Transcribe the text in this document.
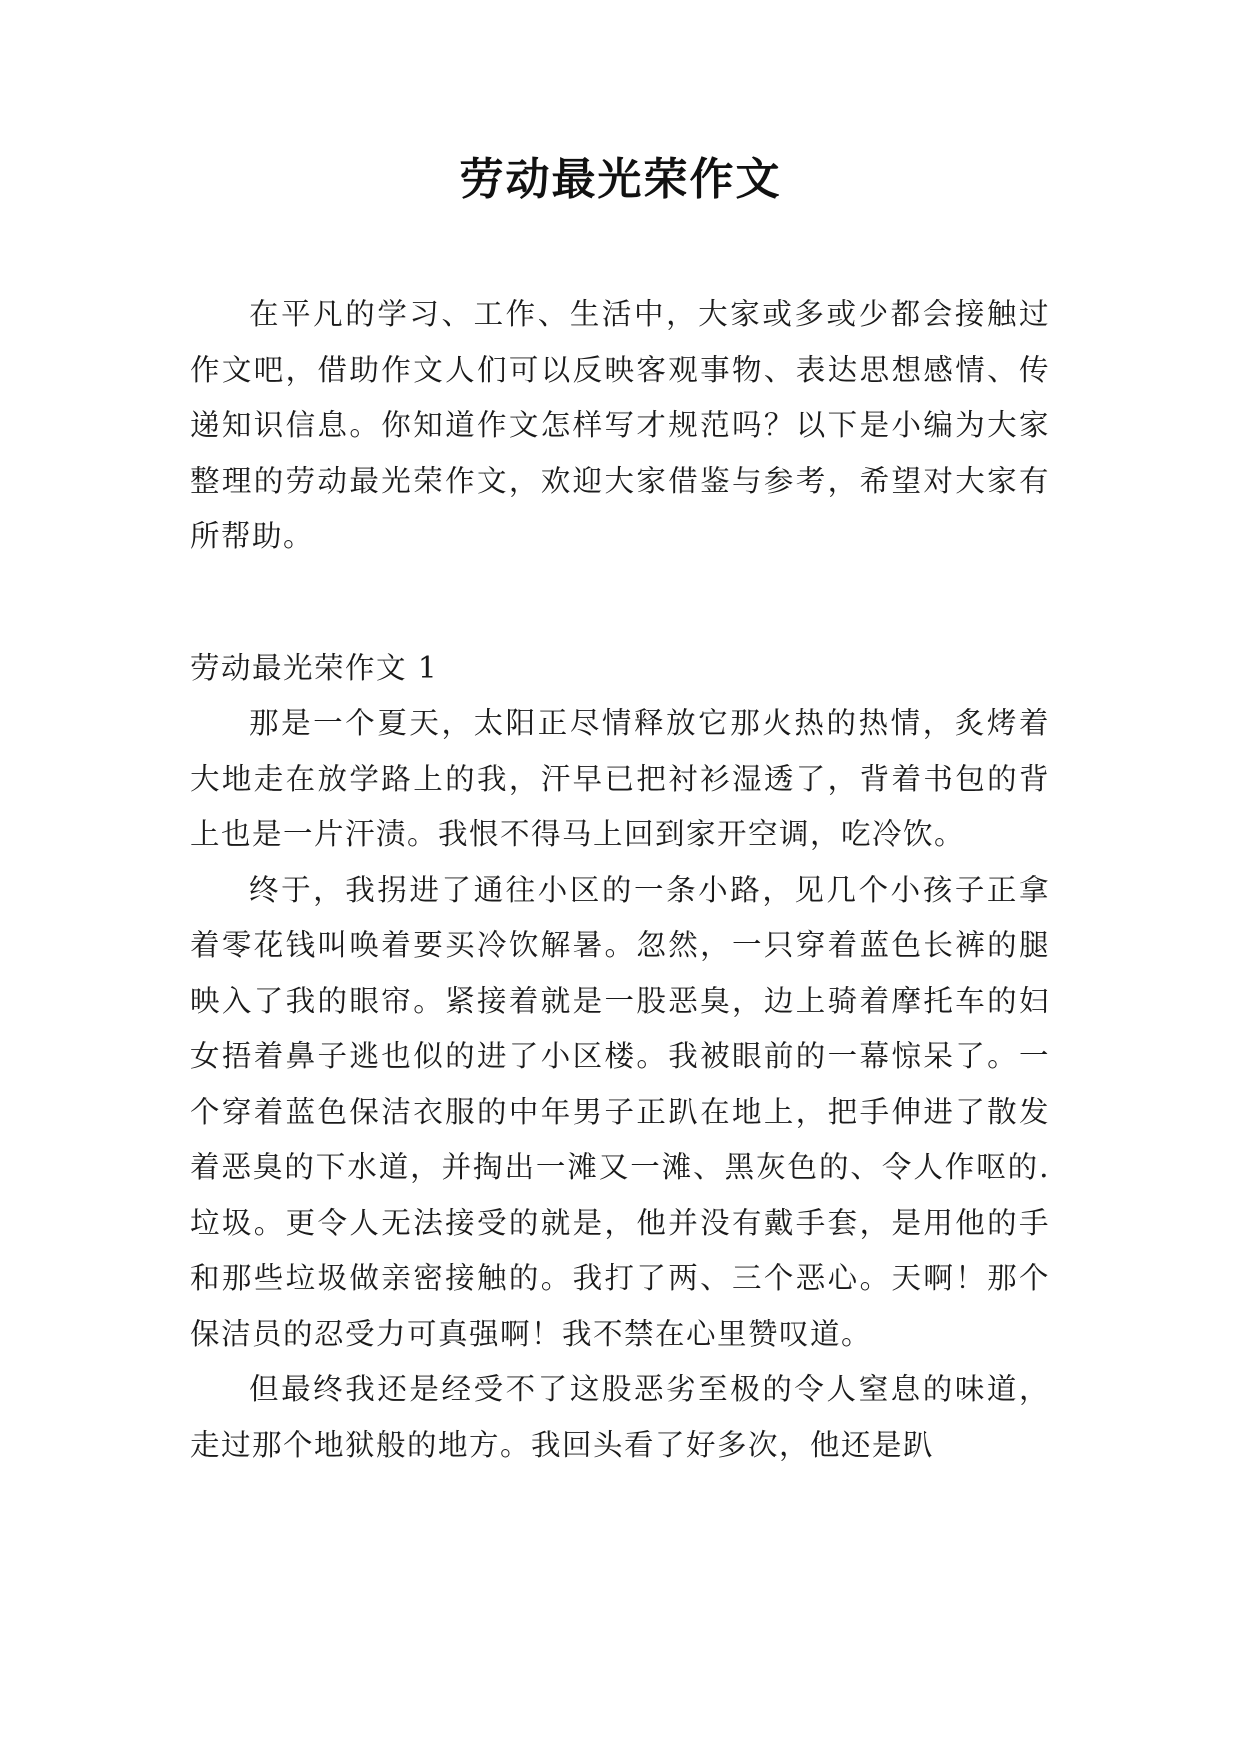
劳动最光荣作文

在平凡的学习、工作、生活中，大家或多或少都会接触过作文吧，借助作文人们可以反映客观事物、表达思想感情、传递知识信息。你知道作文怎样写才规范吗？以下是小编为大家整理的劳动最光荣作文，欢迎大家借鉴与参考，希望对大家有所帮助。

劳动最光荣作文 1

那是一个夏天，太阳正尽情释放它那火热的热情，炙烤着大地走在放学路上的我，汗早已把衬衫湿透了，背着书包的背上也是一片汗渍。我恨不得马上回到家开空调，吃冷饮。

终于，我拐进了通往小区的一条小路，见几个小孩子正拿着零花钱叫唤着要买冷饮解暑。忽然，一只穿着蓝色长裤的腿映入了我的眼帘。紧接着就是一股恶臭，边上骑着摩托车的妇女捂着鼻子逃也似的进了小区楼。我被眼前的一幕惊呆了。一个穿着蓝色保洁衣服的中年男子正趴在地上，把手伸进了散发着恶臭的下水道，并掏出一滩又一滩、黑灰色的、令人作呕的.垃圾。更令人无法接受的就是，他并没有戴手套，是用他的手和那些垃圾做亲密接触的。我打了两、三个恶心。天啊！那个保洁员的忍受力可真强啊！我不禁在心里赞叹道。

但最终我还是经受不了这股恶劣至极的令人窒息的味道，走过那个地狱般的地方。我回头看了好多次，他还是趴
